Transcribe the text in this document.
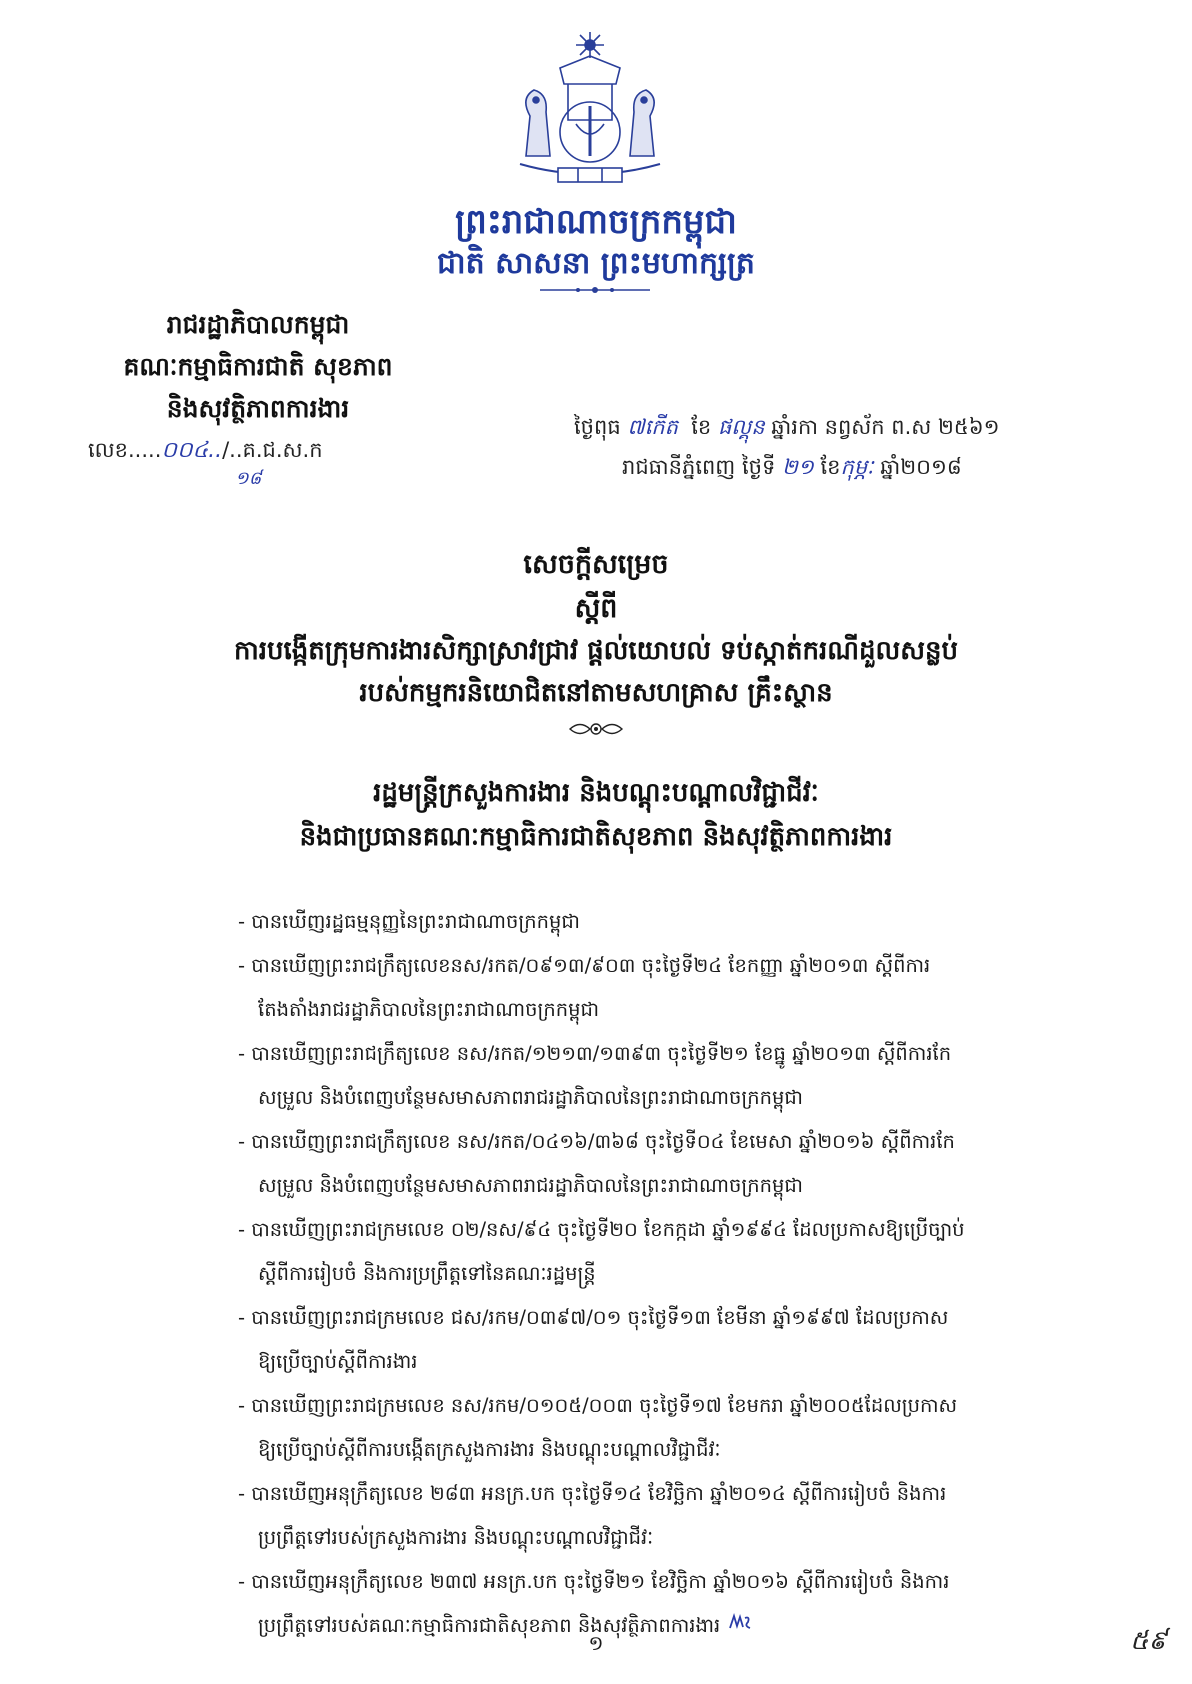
ព្រះរាជាណាចក្រកម្ពុជា
ជាតិ សាសនា ព្រះមហាក្សត្រ
រាជរដ្ឋាភិបាលកម្ពុជា
គណៈកម្មាធិការជាតិ សុខភាព
និងសុវត្ថិភាពការងារ
លេខ.....០០៤../..គ.ជ.ស.ក
១៨
ថ្ងៃពុធ ៧កើត ខែ ផល្គុន ឆ្នាំរកា នព្វស័ក ព.ស ២៥៦១
រាជធានីភ្នំពេញ ថ្ងៃទី ២១ ខែកុម្ភៈ ឆ្នាំ២០១៨
សេចក្ដីសម្រេច
ស្ដីពី
ការបង្កើតក្រុមការងារសិក្សាស្រាវជ្រាវ ផ្ដល់យោបល់ ទប់ស្កាត់ករណីដួលសន្លប់
របស់កម្មករនិយោជិតនៅតាមសហគ្រាស គ្រឹះស្ថាន
រដ្ឋមន្ត្រីក្រសួងការងារ និងបណ្ដុះបណ្ដាលវិជ្ជាជីវៈ
និងជាប្រធានគណៈកម្មាធិការជាតិសុខភាព និងសុវត្ថិភាពការងារ
- បានឃើញរដ្ឋធម្មនុញ្ញនៃព្រះរាជាណាចក្រកម្ពុជា
- បានឃើញព្រះរាជក្រឹត្យលេខនស/រកត/០៩១៣/៩០៣ ចុះថ្ងៃទី២៤ ខែកញ្ញា ឆ្នាំ២០១៣ ស្ដីពីការ
តែងតាំងរាជរដ្ឋាភិបាលនៃព្រះរាជាណាចក្រកម្ពុជា
- បានឃើញព្រះរាជក្រឹត្យលេខ នស/រកត/១២១៣/១៣៩៣ ចុះថ្ងៃទី២១ ខែធ្នូ ឆ្នាំ២០១៣ ស្ដីពីការកែ
សម្រួល និងបំពេញបន្ថែមសមាសភាពរាជរដ្ឋាភិបាលនៃព្រះរាជាណាចក្រកម្ពុជា
- បានឃើញព្រះរាជក្រឹត្យលេខ នស/រកត/០៤១៦/៣៦៨ ចុះថ្ងៃទី០៤ ខែមេសា ឆ្នាំ២០១៦ ស្ដីពីការកែ
សម្រួល និងបំពេញបន្ថែមសមាសភាពរាជរដ្ឋាភិបាលនៃព្រះរាជាណាចក្រកម្ពុជា
- បានឃើញព្រះរាជក្រមលេខ ០២/នស/៩៤ ចុះថ្ងៃទី២០ ខែកក្កដា ឆ្នាំ១៩៩៤ ដែលប្រកាសឱ្យប្រើច្បាប់
ស្ដីពីការរៀបចំ និងការប្រព្រឹត្តទៅនៃគណៈរដ្ឋមន្ត្រី
- បានឃើញព្រះរាជក្រមលេខ ជស/រកម/០៣៩៧/០១ ចុះថ្ងៃទី១៣ ខែមីនា ឆ្នាំ១៩៩៧ ដែលប្រកាស
ឱ្យប្រើច្បាប់ស្ដីពីការងារ
- បានឃើញព្រះរាជក្រមលេខ នស/រកម/០១០៥/០០៣ ចុះថ្ងៃទី១៧ ខែមករា ឆ្នាំ២០០៥ដែលប្រកាស
ឱ្យប្រើច្បាប់ស្ដីពីការបង្កើតក្រសួងការងារ និងបណ្ដុះបណ្ដាលវិជ្ជាជីវៈ
- បានឃើញអនុក្រឹត្យលេខ ២៨៣ អនក្រ.បក ចុះថ្ងៃទី១៤ ខែវិច្ឆិកា ឆ្នាំ២០១៤ ស្ដីពីការរៀបចំ និងការ
ប្រព្រឹត្តទៅរបស់ក្រសួងការងារ និងបណ្ដុះបណ្ដាលវិជ្ជាជីវៈ
- បានឃើញអនុក្រឹត្យលេខ ២៣៧ អនក្រ.បក ចុះថ្ងៃទី២១ ខែវិច្ឆិកា ឆ្នាំ២០១៦ ស្ដីពីការរៀបចំ និងការ
ប្រព្រឹត្តទៅរបស់គណៈកម្មាធិការជាតិសុខភាព និងសុវត្ថិភាពការងារ
១	៥៩
